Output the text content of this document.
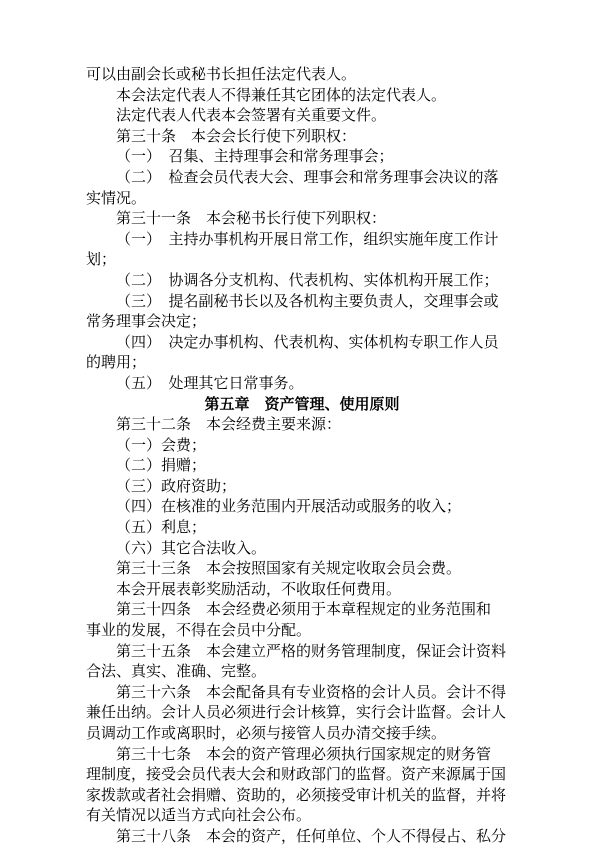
可以由副会长或秘书长担任法定代表人。
本会法定代表人不得兼任其它团体的法定代表人。
法定代表人代表本会签署有关重要文件。
第三十条　本会会长行使下列职权：
（一）　召集、主持理事会和常务理事会；
（二）　检查会员代表大会、理事会和常务理事会决议的落
实情况。
第三十一条　本会秘书长行使下列职权：
（一）　主持办事机构开展日常工作，组织实施年度工作计
划；
（二）　协调各分支机构、代表机构、实体机构开展工作；
（三）　提名副秘书长以及各机构主要负责人，交理事会或
常务理事会决定；
（四）　决定办事机构、代表机构、实体机构专职工作人员
的聘用；
（五）　处理其它日常事务。
第五章　资产管理、使用原则
第三十二条　本会经费主要来源：
（一）会费；
（二）捐赠；
（三）政府资助；
（四）在核准的业务范围内开展活动或服务的收入；
（五）利息；
（六）其它合法收入。
第三十三条　本会按照国家有关规定收取会员会费。
本会开展表彰奖励活动，不收取任何费用。
第三十四条　本会经费必须用于本章程规定的业务范围和
事业的发展，不得在会员中分配。
第三十五条　本会建立严格的财务管理制度，保证会计资料
合法、真实、准确、完整。
第三十六条　本会配备具有专业资格的会计人员。会计不得
兼任出纳。会计人员必须进行会计核算，实行会计监督。会计人
员调动工作或离职时，必须与接管人员办清交接手续。
第三十七条　本会的资产管理必须执行国家规定的财务管
理制度，接受会员代表大会和财政部门的监督。资产来源属于国
家拨款或者社会捐赠、资助的，必须接受审计机关的监督，并将
有关情况以适当方式向社会公布。
第三十八条　本会的资产，任何单位、个人不得侵占、私分
